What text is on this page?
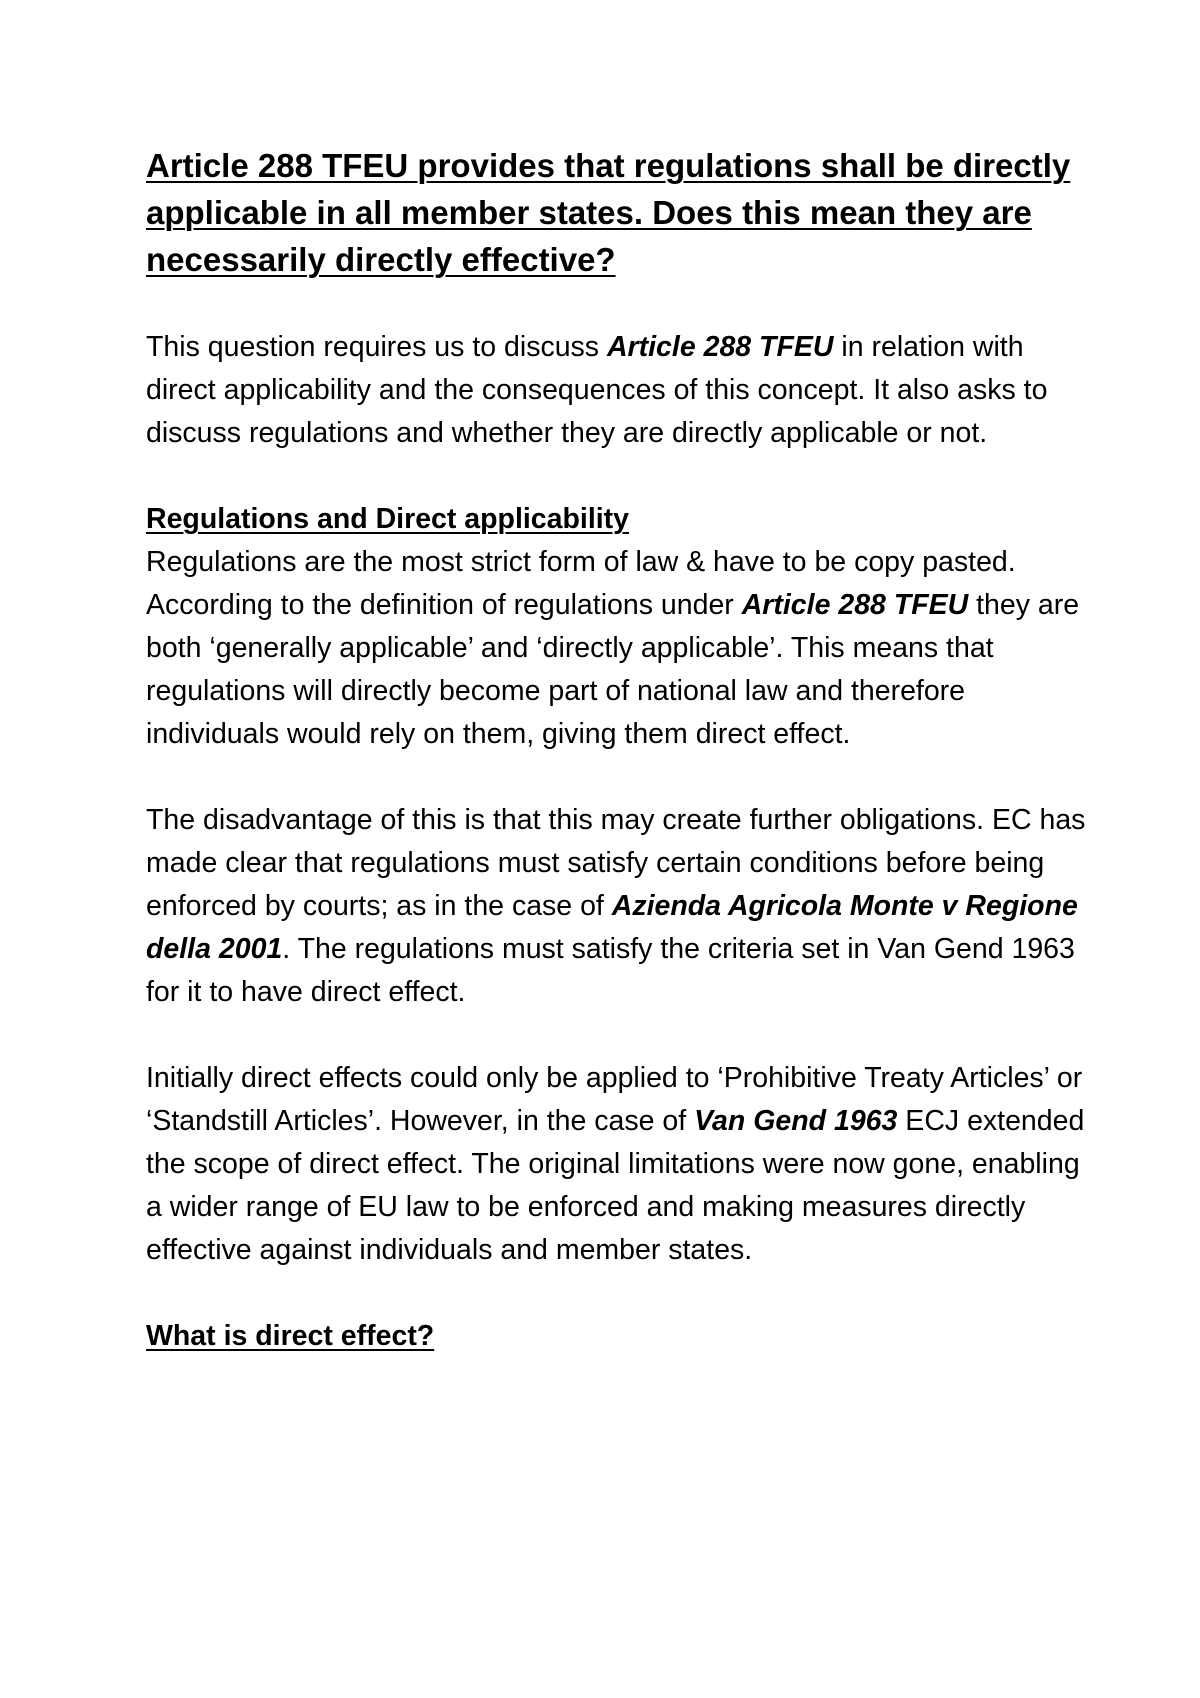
Article 288 TFEU provides that regulations shall be directly applicable in all member states. Does this mean they are necessarily directly effective?

This question requires us to discuss Article 288 TFEU in relation with direct applicability and the consequences of this concept. It also asks to discuss regulations and whether they are directly applicable or not.

Regulations and Direct applicability

Regulations are the most strict form of law & have to be copy pasted. According to the definition of regulations under Article 288 TFEU they are both ‘generally applicable’ and ‘directly applicable’. This means that regulations will directly become part of national law and therefore individuals would rely on them, giving them direct effect.

The disadvantage of this is that this may create further obligations. EC has made clear that regulations must satisfy certain conditions before being enforced by courts; as in the case of Azienda Agricola Monte v Regione della 2001. The regulations must satisfy the criteria set in Van Gend 1963 for it to have direct effect.

Initially direct effects could only be applied to ‘Prohibitive Treaty Articles’ or ‘Standstill Articles’. However, in the case of Van Gend 1963 ECJ extended the scope of direct effect. The original limitations were now gone, enabling a wider range of EU law to be enforced and making measures directly effective against individuals and member states.

What is direct effect?
